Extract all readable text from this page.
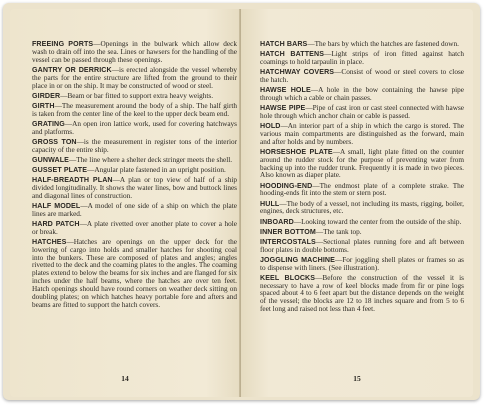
FREEING PORTS—Openings in the bulwark which allow deck wash to drain off into the sea. Lines or hawsers for the handling of the vessel can be passed through these openings.

GANTRY OR DERRICK—is erected alongside the vessel whereby the parts for the entire structure are lifted from the ground to their place in or on the ship. It may be constructed of wood or steel.

GIRDER—Beam or bar fitted to support extra heavy weights.

GIRTH—The measurement around the body of a ship. The half girth is taken from the center line of the keel to the upper deck beam end.

GRATING—An open iron lattice work, used for covering hatchways and platforms.

GROSS TON—is the measurement in register tons of the interior capacity of the entire ship.

GUNWALE—The line where a shelter deck stringer meets the shell.

GUSSET PLATE—Angular plate fastened in an upright position.

HALF-BREADTH PLAN—A plan or top view of half of a ship divided longitudinally. It shows the water lines, bow and buttock lines and diagonal lines of construction.

HALF MODEL—A model of one side of a ship on which the plate lines are marked.

HARD PATCH—A plate rivetted over another plate to cover a hole or break.

HATCHES—Hatches are openings on the upper deck for the lowering of cargo into holds and smaller hatches for shooting coal into the bunkers. These are composed of plates and angles; angles rivetted to the deck and the coaming plates to the angles. The coaming plates extend to below the beams for six inches and are flanged for six inches under the half beams, where the hatches are over ten feet. Hatch openings should have round corners on weather deck sitting on doubling plates; on which hatches heavy portable fore and afters and beams are fitted to support the hatch covers.

14

HATCH BARS—The bars by which the hatches are fastened down.

HATCH BATTENS—Light strips of iron fitted against hatch coamings to hold tarpaulin in place.

HATCHWAY COVERS—Consist of wood or steel covers to close the hatch.

HAWSE HOLE—A hole in the bow containing the hawse pipe through which a cable or chain passes.

HAWSE PIPE—Pipe of cast iron or cast steel connected with hawse hole through which anchor chain or cable is passed.

HOLD—An interior part of a ship in which the cargo is stored. The various main compartments are distinguished as the forward, main and after holds and by numbers.

HORSESHOE PLATE—A small, light plate fitted on the counter around the rudder stock for the purpose of preventing water from backing up into the rudder trunk. Frequently it is made in two pieces. Also known as diaper plate.

HOODING-END—The endmost plate of a complete strake. The hooding-ends fit into the stem or stern post.

HULL—The body of a vessel, not including its masts, rigging, boiler, engines, deck structures, etc.

INBOARD—Looking toward the center from the outside of the ship.

INNER BOTTOM—The tank top.

INTERCOSTALS—Sectional plates running fore and aft between floor plates in double bottoms.

JOGGLING MACHINE—For joggling shell plates or frames so as to dispense with liners. (See illustration).

KEEL BLOCKS—Before the construction of the vessel it is necessary to have a row of keel blocks made from fir or pine logs spaced about 4 to 6 feet apart but the distance depends on the weight of the vessel; the blocks are 12 to 18 inches square and from 5 to 6 feet long and raised not less than 4 feet.

15
